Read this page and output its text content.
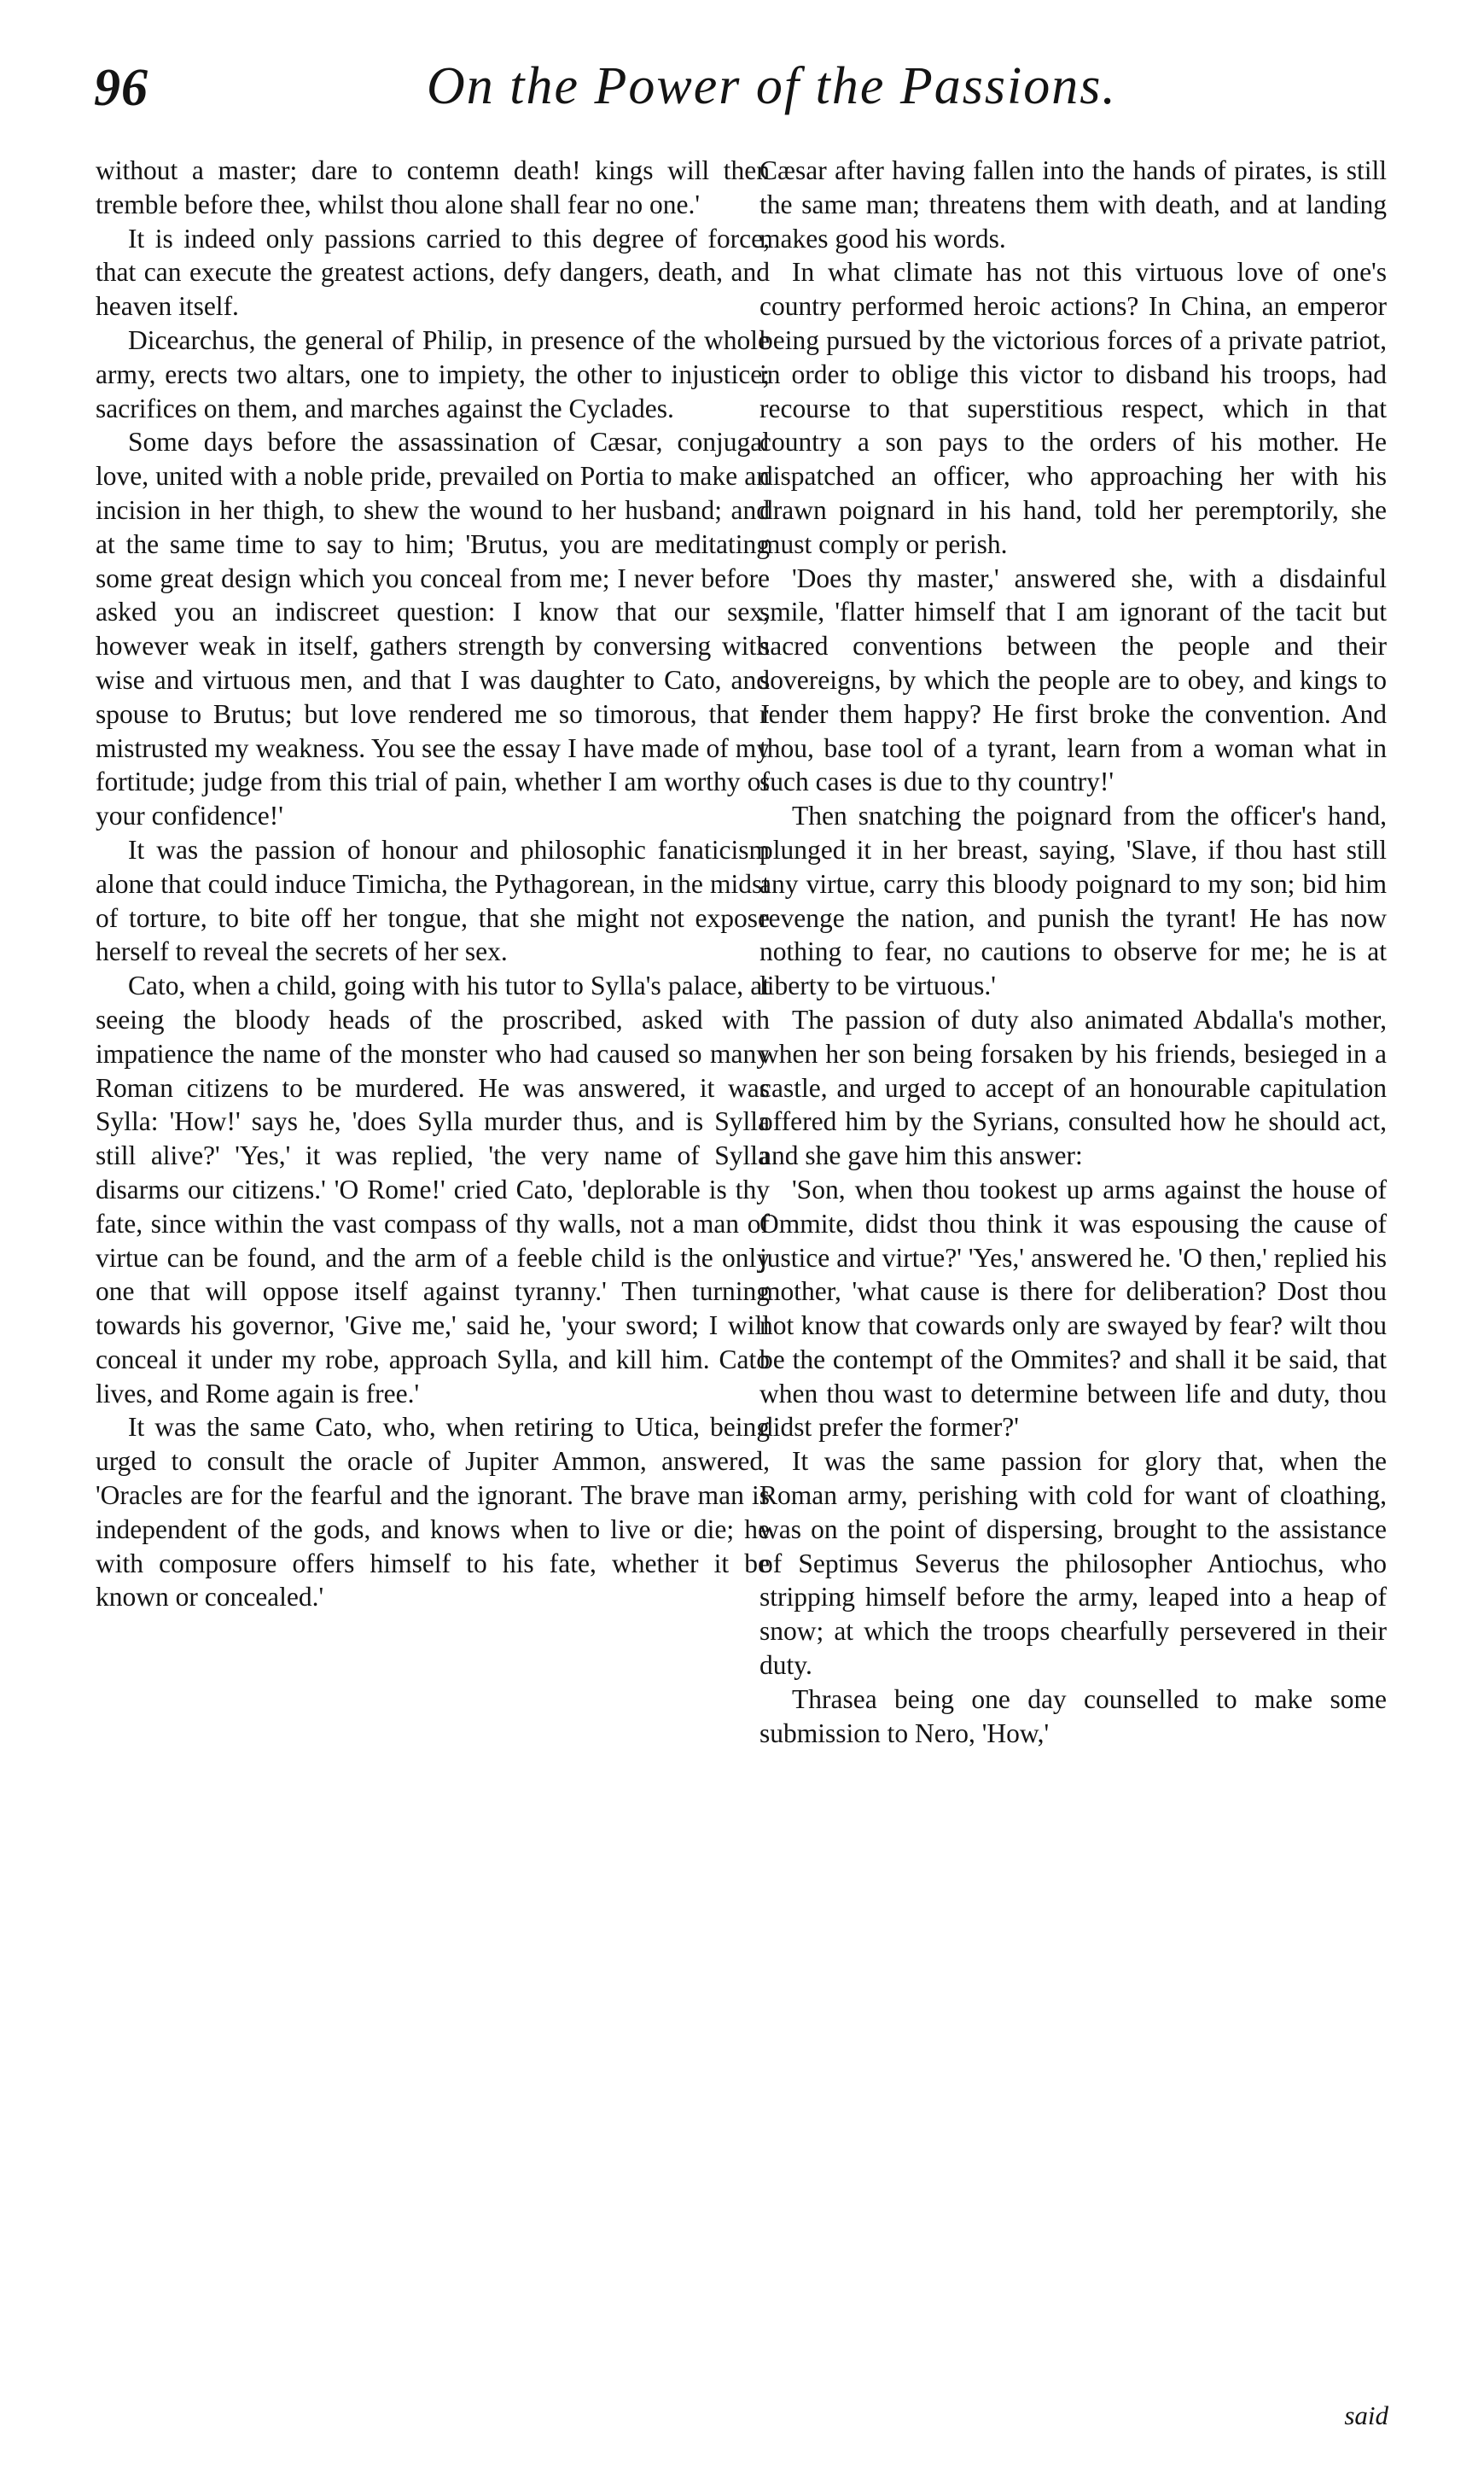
96	On the Power of the Passions.

without a master; dare to contemn death! kings will then tremble before thee, whilst thou alone shall fear no one.'

It is indeed only passions carried to this degree of force, that can execute the greatest actions, defy dangers, death, and heaven itself.

Dicearchus, the general of Philip, in presence of the whole army, erects two altars, one to impiety, the other to injustice; sacrifices on them, and marches against the Cyclades.

Some days before the assassination of Cæsar, conjugal love, united with a noble pride, prevailed on Portia to make an incision in her thigh, to shew the wound to her husband; and at the same time to say to him; 'Brutus, you are meditating some great design which you conceal from me; I never before asked you an indiscreet question: I know that our sex, however weak in itself, gathers strength by conversing with wise and virtuous men, and that I was daughter to Cato, and spouse to Brutus; but love rendered me so timorous, that I mistrusted my weakness. You see the essay I have made of my fortitude; judge from this trial of pain, whether I am worthy of your confidence!'

It was the passion of honour and philosophic fanaticism alone that could induce Timicha, the Pythagorean, in the midst of torture, to bite off her tongue, that she might not expose herself to reveal the secrets of her sex.

Cato, when a child, going with his tutor to Sylla's palace, at seeing the bloody heads of the proscribed, asked with impatience the name of the monster who had caused so many Roman citizens to be murdered. He was answered, it was Sylla: 'How!' says he, 'does Sylla murder thus, and is Sylla still alive?' 'Yes,' it was replied, 'the very name of Sylla disarms our citizens.' 'O Rome!' cried Cato, 'deplorable is thy fate, since within the vast compass of thy walls, not a man of virtue can be found, and the arm of a feeble child is the only one that will oppose itself against tyranny.' Then turning towards his governor, 'Give me,' said he, 'your sword; I will conceal it under my robe, approach Sylla, and kill him. Cato lives, and Rome again is free.'

It was the same Cato, who, when retiring to Utica, being urged to consult the oracle of Jupiter Ammon, answered, 'Oracles are for the fearful and the ignorant. The brave man is independent of the gods, and knows when to live or die; he with composure offers himself to his fate, whether it be known or concealed.'

Cæsar after having fallen into the hands of pirates, is still the same man; threatens them with death, and at landing makes good his words.

In what climate has not this virtuous love of one's country performed heroic actions? In China, an emperor being pursued by the victorious forces of a private patriot, in order to oblige this victor to disband his troops, had recourse to that superstitious respect, which in that country a son pays to the orders of his mother. He dispatched an officer, who approaching her with his drawn poignard in his hand, told her peremptorily, she must comply or perish.

'Does thy master,' answered she, with a disdainful smile, 'flatter himself that I am ignorant of the tacit but sacred conventions between the people and their sovereigns, by which the people are to obey, and kings to render them happy? He first broke the convention. And thou, base tool of a tyrant, learn from a woman what in such cases is due to thy country!'

Then snatching the poignard from the officer's hand, plunged it in her breast, saying, 'Slave, if thou hast still any virtue, carry this bloody poignard to my son; bid him revenge the nation, and punish the tyrant! He has now nothing to fear, no cautions to observe for me; he is at liberty to be virtuous.'

The passion of duty also animated Abdalla's mother, when her son being forsaken by his friends, besieged in a castle, and urged to accept of an honourable capitulation offered him by the Syrians, consulted how he should act, and she gave him this answer:

'Son, when thou tookest up arms against the house of Ommite, didst thou think it was espousing the cause of justice and virtue?' 'Yes,' answered he. 'O then,' replied his mother, 'what cause is there for deliberation? Dost thou not know that cowards only are swayed by fear? wilt thou be the contempt of the Ommites? and shall it be said, that when thou wast to determine between life and duty, thou didst prefer the former?'

It was the same passion for glory that, when the Roman army, perishing with cold for want of cloathing, was on the point of dispersing, brought to the assistance of Septimus Severus the philosopher Antiochus, who stripping himself before the army, leaped into a heap of snow; at which the troops chearfully persevered in their duty.

Thrasea being one day counselled to make some submission to Nero, 'How,'

said
